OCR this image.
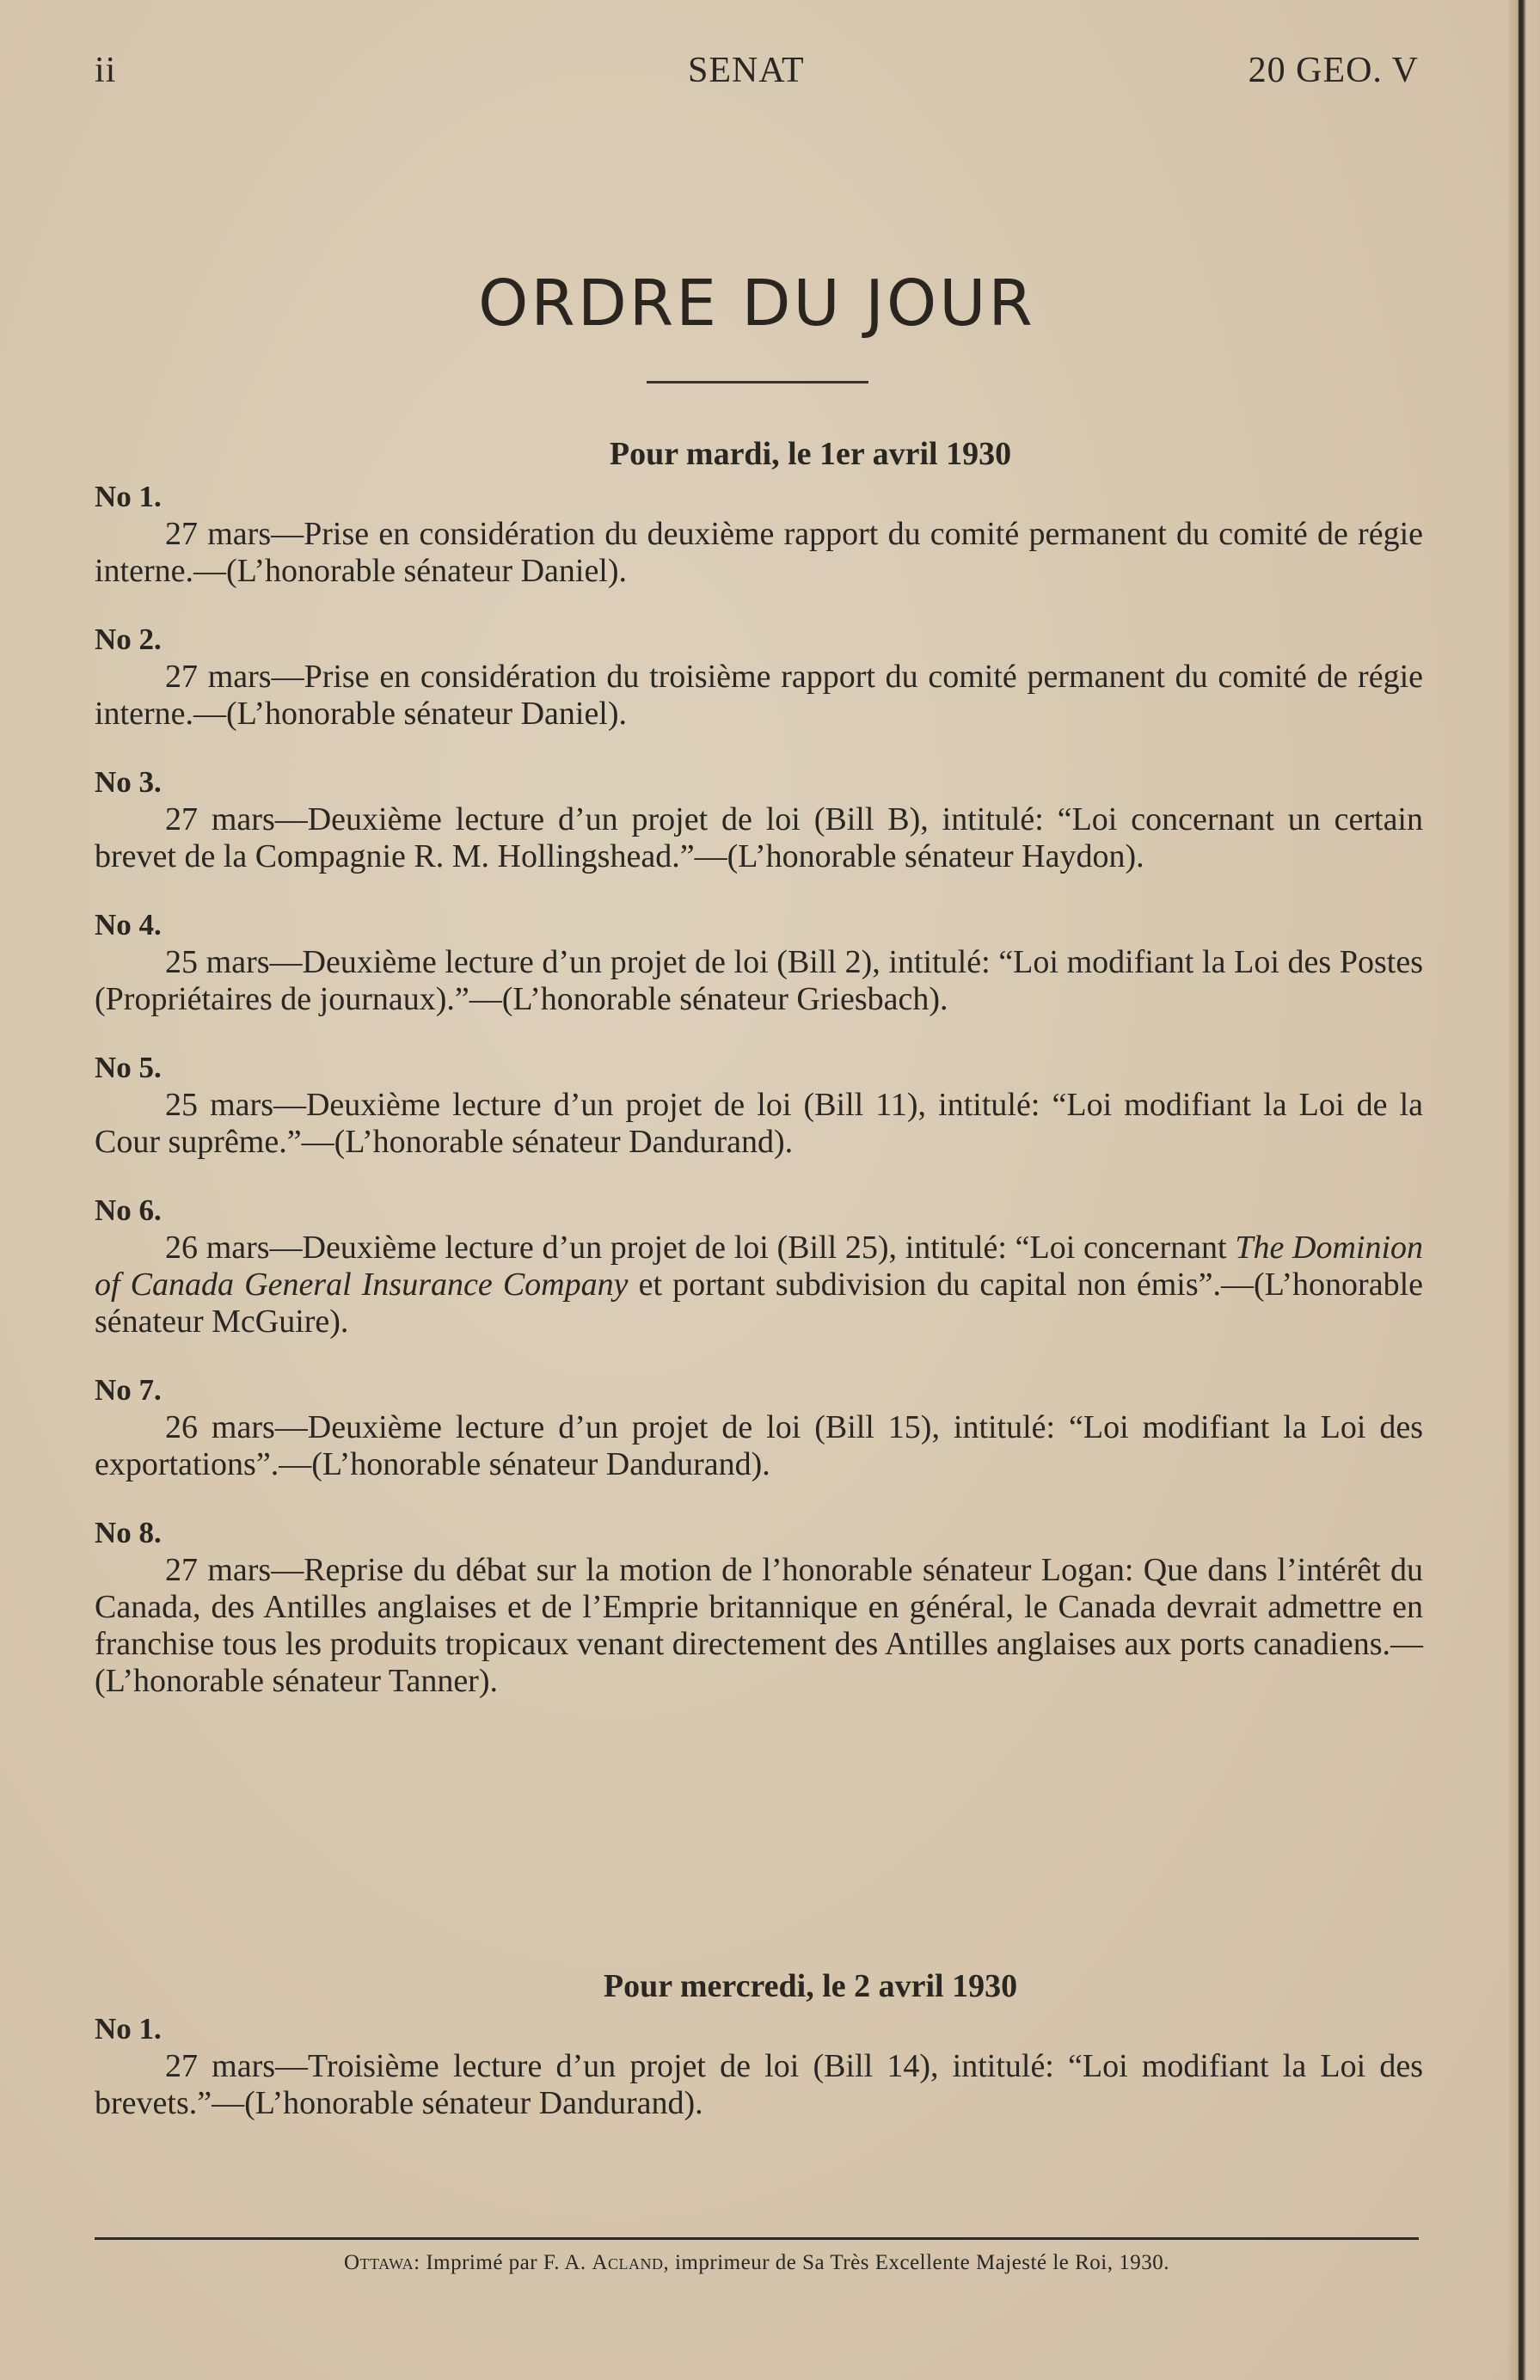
ii	SENAT	20 GEO. V
ORDRE DU JOUR
Pour mardi, le 1er avril 1930
No 1.

27 mars—Prise en considération du deuxième rapport du comité permanent du comité de régie interne.—(L’honorable sénateur Daniel).

No 2.

27 mars—Prise en considération du troisième rapport du comité permanent du comité de régie interne.—(L’honorable sénateur Daniel).

No 3.

27 mars—Deuxième lecture d’un projet de loi (Bill B), intitulé: “Loi concernant un certain brevet de la Compagnie R. M. Hollingshead.”—(L’honorable sénateur Haydon).

No 4.

25 mars—Deuxième lecture d’un projet de loi (Bill 2), intitulé: “Loi modifiant la Loi des Postes (Propriétaires de journaux).”—(L’honorable sénateur Griesbach).

No 5.

25 mars—Deuxième lecture d’un projet de loi (Bill 11), intitulé: “Loi modifiant la Loi de la Cour suprême.”—(L’honorable sénateur Dandurand).

No 6.

26 mars—Deuxième lecture d’un projet de loi (Bill 25), intitulé: “Loi concernant The Dominion of Canada General Insurance Company et portant subdivision du capital non émis”.—(L’honorable sénateur McGuire).

No 7.

26 mars—Deuxième lecture d’un projet de loi (Bill 15), intitulé: “Loi modifiant la Loi des exportations”.—(L’honorable sénateur Dandurand).

No 8.

27 mars—Reprise du débat sur la motion de l’honorable sénateur Logan: Que dans l’intérêt du Canada, des Antilles anglaises et de l’Emprie britannique en général, le Canada devrait admettre en franchise tous les produits tropicaux venant directement des Antilles anglaises aux ports canadiens.—(L’honorable sénateur Tanner).

Pour mercredi, le 2 avril 1930
No 1.

27 mars—Troisième lecture d’un projet de loi (Bill 14), intitulé: “Loi modifiant la Loi des brevets.”—(L’honorable sénateur Dandurand).

Ottawa: Imprimé par F. A. Acland, imprimeur de Sa Très Excellente Majesté le Roi, 1930.
